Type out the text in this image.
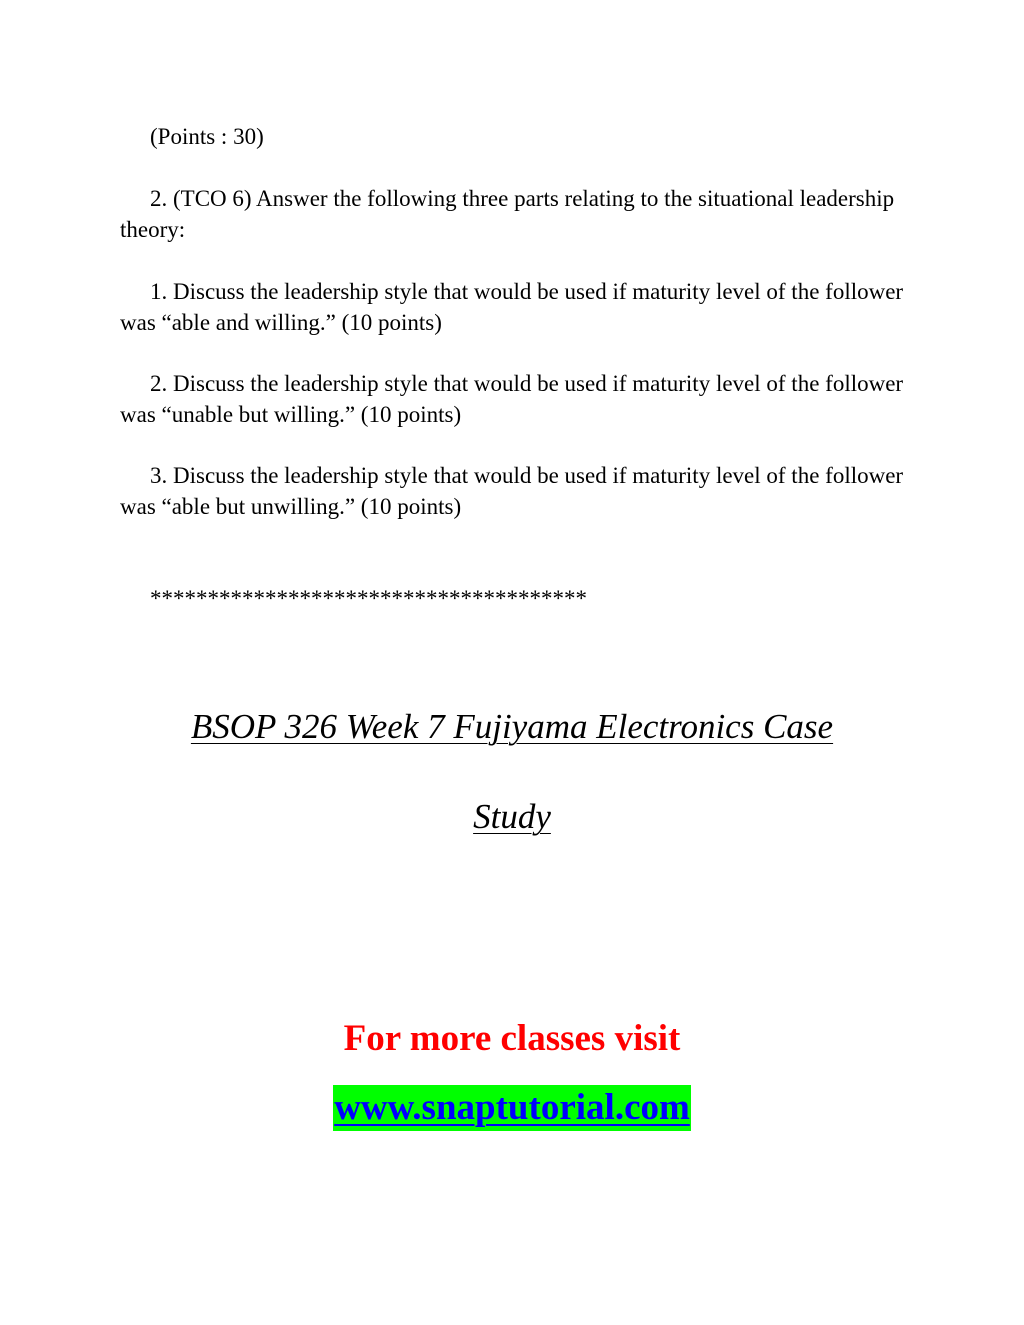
(Points : 30)

2. (TCO 6) Answer the following three parts relating to the situational leadership theory:

1. Discuss the leadership style that would be used if maturity level of the follower was “able and willing.” (10 points)

2. Discuss the leadership style that would be used if maturity level of the follower was “unable but willing.” (10 points)

3. Discuss the leadership style that would be used if maturity level of the follower was “able but unwilling.” (10 points)

**************************************

BSOP 326 Week 7 Fujiyama Electronics Case

Study

For more classes visit

www.snaptutorial.com
